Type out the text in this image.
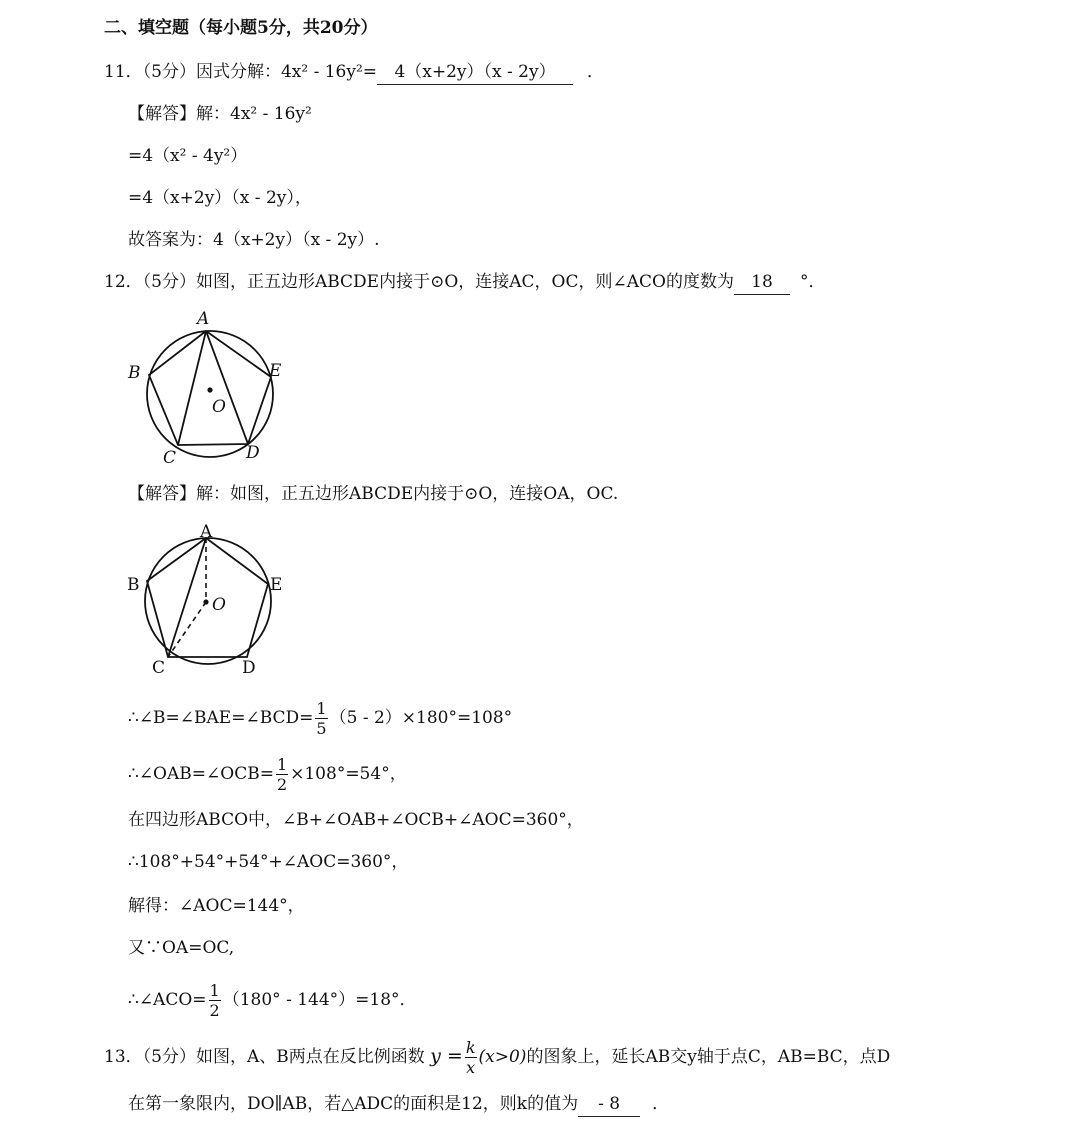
二、填空题（每小题5分，共20分）
11．（5分）因式分解：4x² - 16y²= 4（x+2y）（x - 2y） ．
【解答】解：4x² - 16y²
=4（x² - 4y²）
=4（x+2y）（x - 2y），
故答案为：4（x+2y）（x - 2y）.
12．（5分）如图，正五边形ABCDE内接于⊙O，连接AC，OC，则∠ACO的度数为 18 °．
A
B
C	D
E
O
【解答】解：如图，正五边形ABCDE内接于⊙O，连接OA，OC.
A
B
C	D
E
O
∴∠B=∠BAE=∠BCD= $\frac{1}{5} (5 - 2)\times 180^\circ=108^\circ$
∴∠OAB=∠OCB= $\frac{1}{2} \times 108^\circ=54^\circ$，
在四边形ABCO中，∠B+∠OAB+∠OCB+∠AOC=360°，
∴108°+54°+54°+∠AOC=360°，
解得：∠AOC=144°，
又∵OA=OC,
∴∠ACO= $\frac{1}{2} (180^\circ - 144^\circ)=18^\circ$．
13．（5分）如图，A、B两点在反比例函数 $y = \frac{k}{x} (x>0)$的图象上，延长AB交y轴于点C，AB=BC，点D
在第一象限内，DO∥AB，若△ADC的面积是12，则k的值为 - 8 ．
